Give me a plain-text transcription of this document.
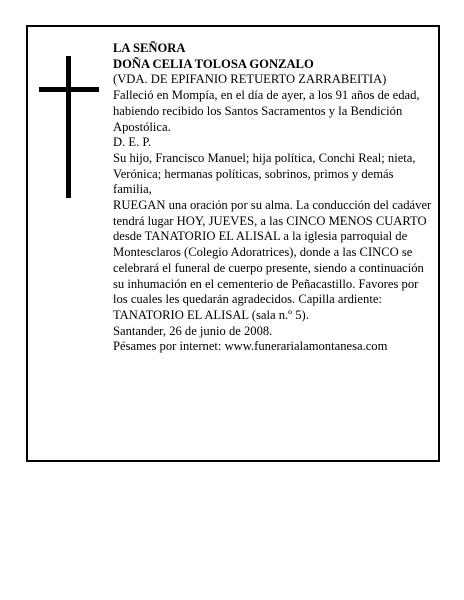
LA SEÑORA

DOÑA CELIA TOLOSA GONZALO

(VDA. DE EPIFANIO RETUERTO ZARRABEITIA)

Falleció en Mompía, en el día de ayer, a los 91 años de edad,

habiendo recibido los Santos Sacramentos y la Bendición Apostólica.

D. E. P.

Su hijo, Francisco Manuel; hija política, Conchi Real; nieta, Verónica; hermanas políticas, sobrinos, primos y demás familia,

RUEGAN una oración por su alma. La conducción del cadáver tendrá lugar HOY, JUEVES, a las CINCO MENOS CUARTO desde TANATORIO EL ALISAL a la iglesia parroquial de Montesclaros (Colegio Adoratrices), donde a las CINCO se celebrará el funeral de cuerpo presente, siendo a continuación su inhumación en el cementerio de Peñacastillo. Favores por los cuales les quedarán agradecidos. Capilla ardiente: TANATORIO EL ALISAL (sala n.º 5).

Santander, 26 de junio de 2008.

Pésames por internet: www.funerarialamontanesa.com
